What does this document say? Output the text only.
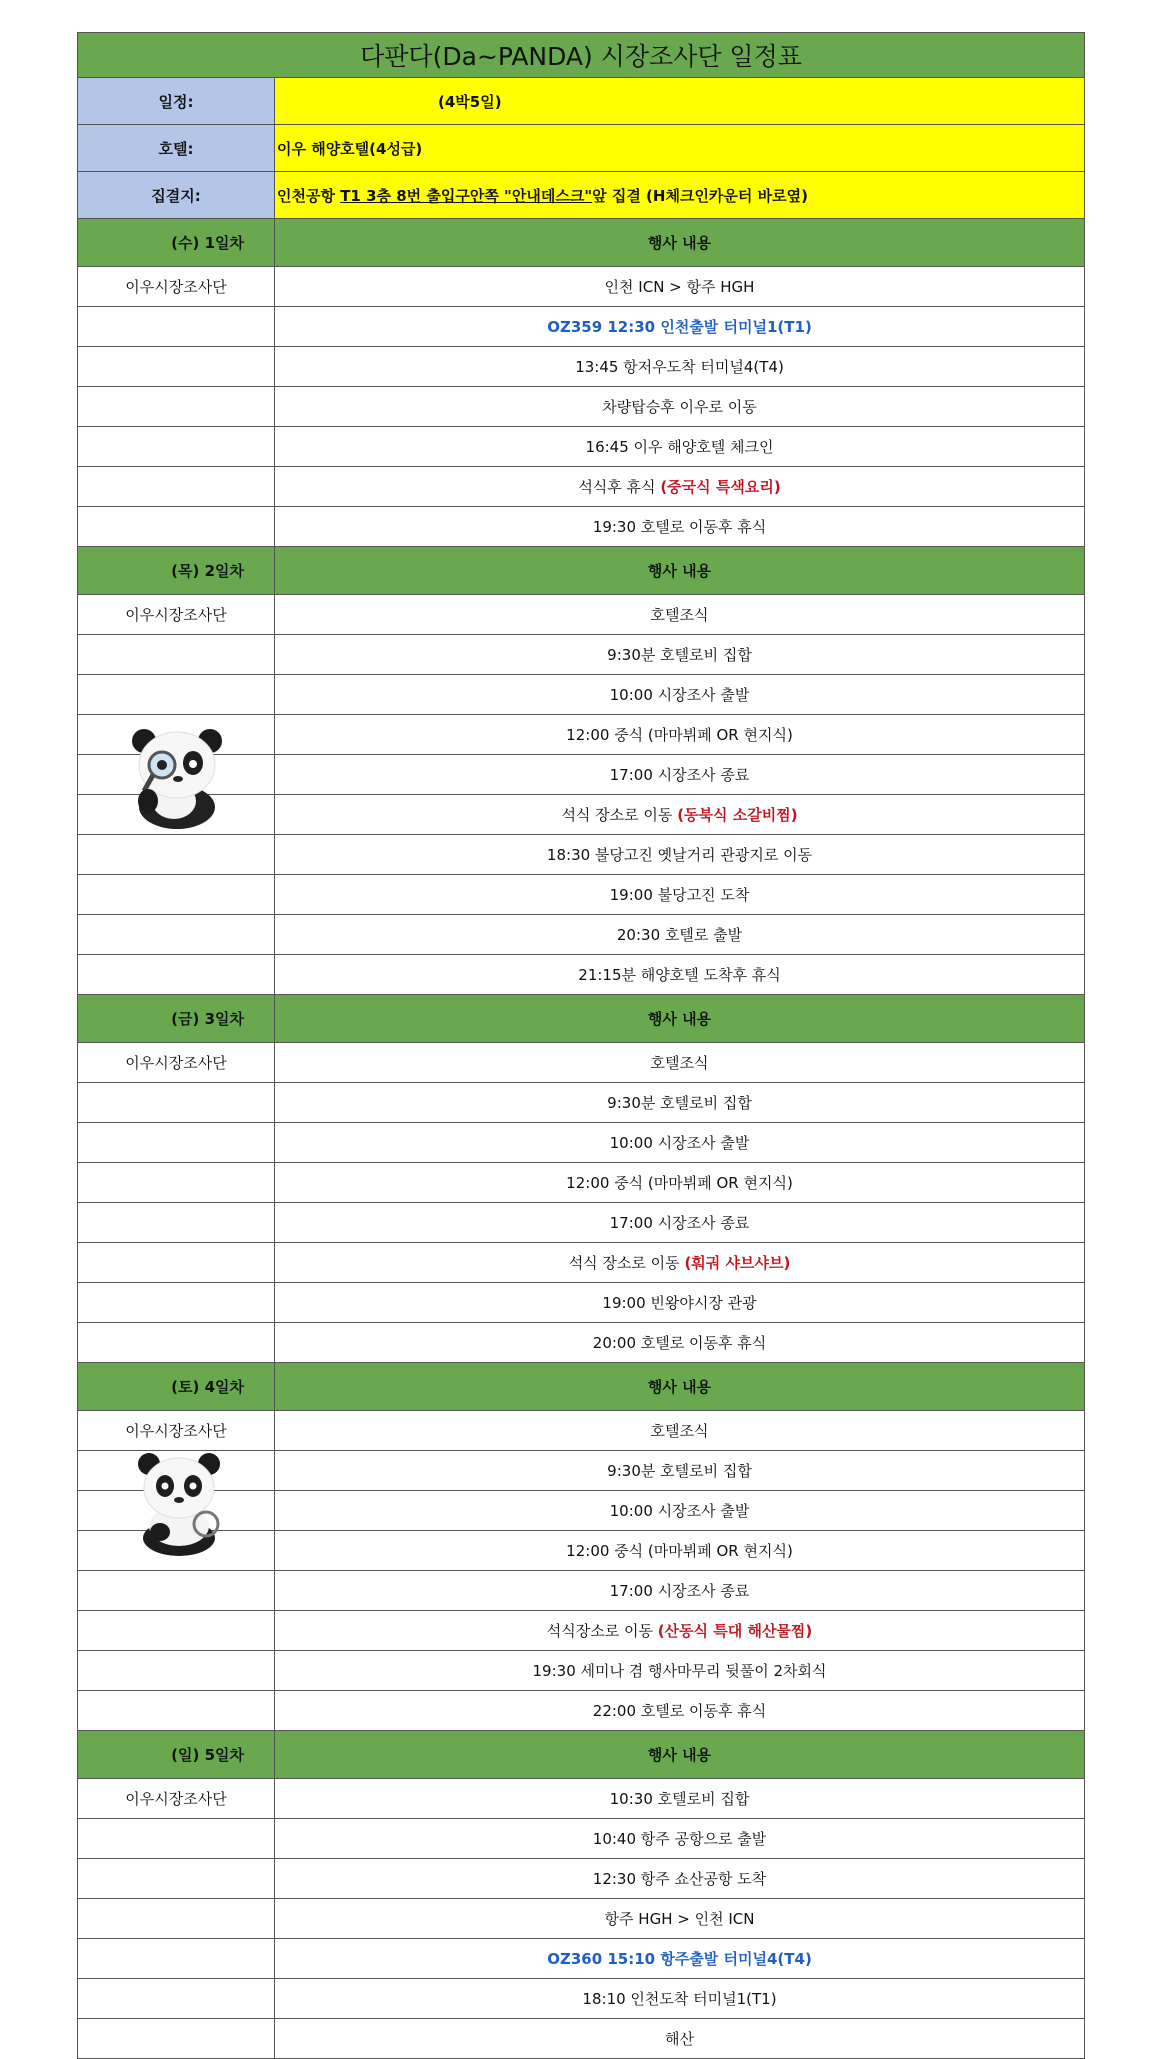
다판다(Da~PANDA) 시장조사단 일정표	
일정:	(4박5일)
호텔:	이우 해양호텔(4성급)
집결지:	인천공항 T1 3층 8번 출입구안쪽 "안내데스크"앞 집결 (H체크인카운터 바로옆)
(수) 1일차	행사 내용
이우시장조사단	인천 ICN > 항주 HGH
	OZ359 12:30 인천출발 터미널1(T1)
	13:45 항저우도착 터미널4(T4)
	차량탑승후 이우로 이동
	16:45 이우 해양호텔 체크인
	석식후 휴식 (중국식 특색요리)
	19:30 호텔로 이동후 휴식
(목) 2일차	행사 내용
이우시장조사단	호텔조식
	9:30분 호텔로비 집합
	10:00 시장조사 출발
	12:00 중식 (마마뷔페 OR 현지식)
	17:00 시장조사 종료
	석식 장소로 이동 (동북식 소갈비찜)
	18:30 불당고진 옛날거리 관광지로 이동
	19:00 불당고진 도착
	20:30 호텔로 출발
	21:15분 해양호텔 도착후 휴식
(금) 3일차	행사 내용
이우시장조사단	호텔조식
	9:30분 호텔로비 집합
	10:00 시장조사 출발
	12:00 중식 (마마뷔페 OR 현지식)
	17:00 시장조사 종료
	석식 장소로 이동 (훠궈 샤브샤브)
	19:00 빈왕야시장 관광
	20:00 호텔로 이동후 휴식
(토) 4일차	행사 내용
이우시장조사단	호텔조식
	9:30분 호텔로비 집합
	10:00 시장조사 출발
	12:00 중식 (마마뷔페 OR 현지식)
	17:00 시장조사 종료
	석식장소로 이동 (산동식 특대 해산물찜)
	19:30 세미나 겸 행사마무리 뒷풀이 2차회식
	22:00 호텔로 이동후 휴식
(일) 5일차	행사 내용
이우시장조사단	10:30 호텔로비 집합
	10:40 항주 공항으로 출발
	12:30 항주 쇼산공항 도착
	항주 HGH > 인천 ICN
	OZ360 15:10 항주출발 터미널4(T4)
	18:10 인천도착 터미널1(T1)
	해산
